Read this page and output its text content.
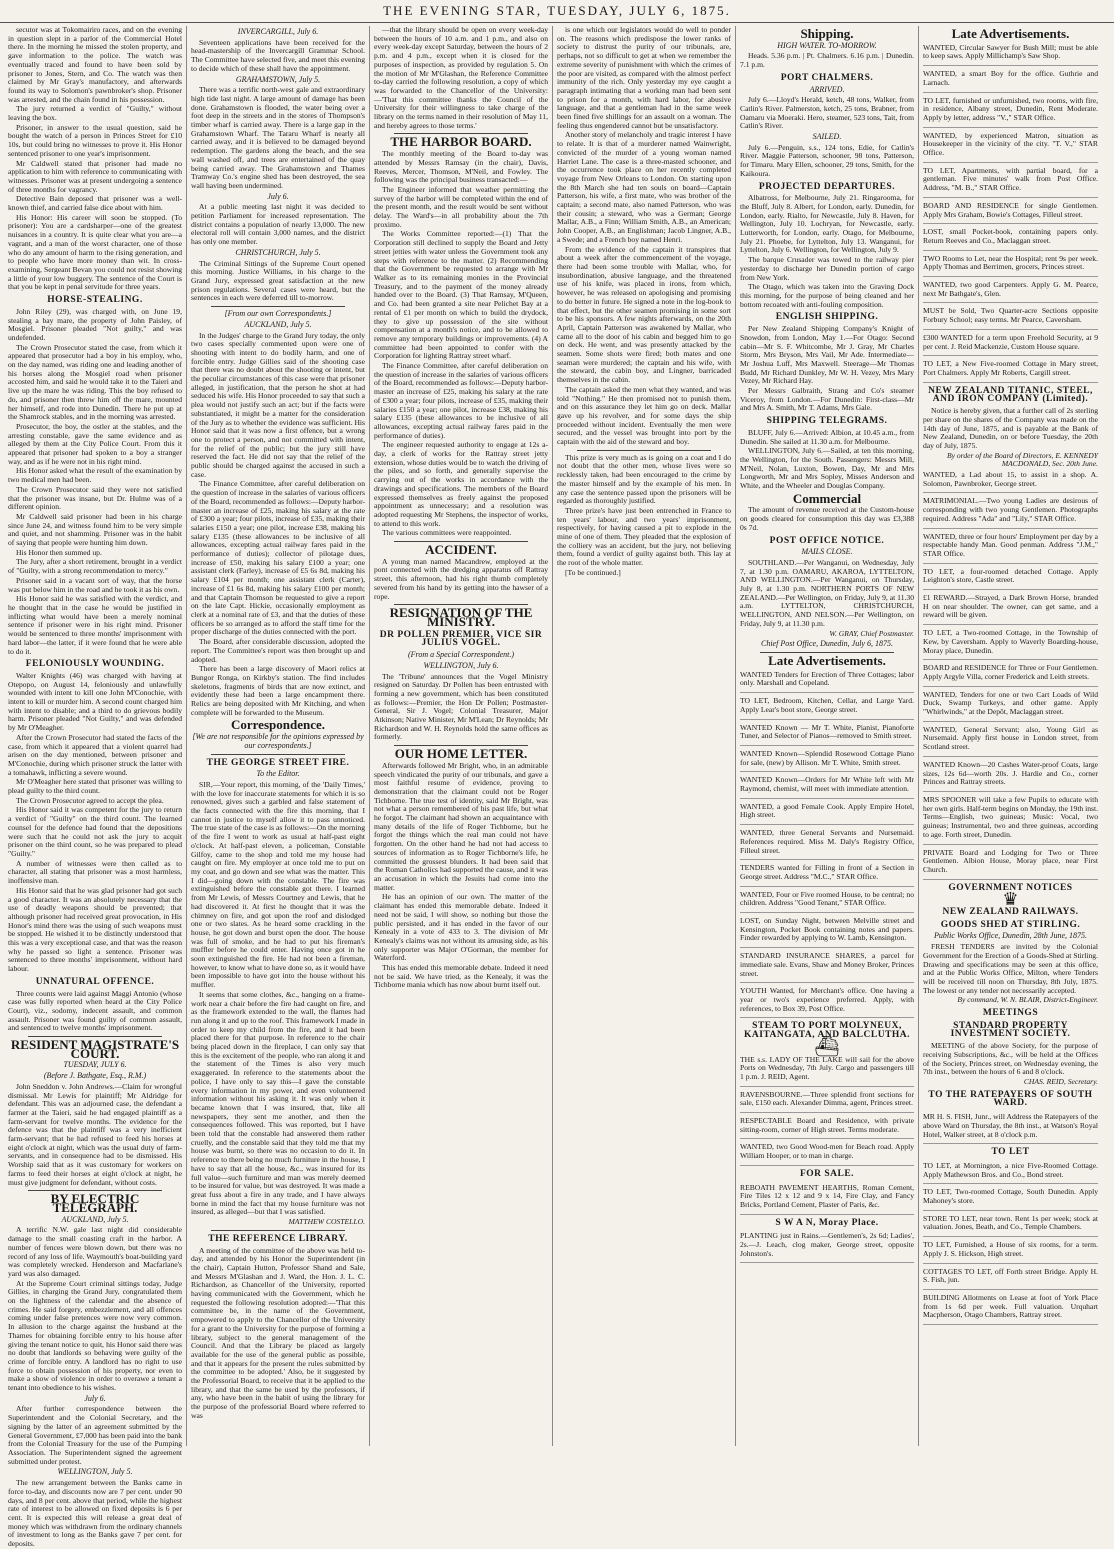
THE EVENING STAR, TUESDAY, JULY 6, 1875.

secutor was at Tokomairiro races, and on the evening in question slept in a parlor of the Commercial Hotel there. In the morning he missed the stolen property, and gave information to the police. The watch was eventually traced and found to have been sold by prisoner to Jones, Stern, and Co. The watch was then claimed by Mr Gray's manufactory, and afterwards found its way to Solomon's pawnbroker's shop. Prisoner was arrested, and the chain found in his possession.

The jury returned a verdict of "Guilty," without leaving the box.

Prisoner, in answer to the usual question, said he bought the watch of a person in Princes Street for £10 10s, but could bring no witnesses to prove it. His Honor sentenced prisoner to one year's imprisonment.

Mr Caldwell stated that prisoner had made no application to him with reference to communicating with witnesses. Prisoner was at present undergoing a sentence of three months for vagrancy.

Detective Bain deposed that prisoner was a well-known thief, and carried false dice about with him.

His Honor: His career will soon be stopped. (To prisoner): You are a cardsharper—one of the greatest nuisances in a country. It is quite clear what you are—a vagrant, and a man of the worst character, one of those who do any amount of harm to the rising generation, and to people who have more money than wit. In cross-examining, Sergeant Bevan you could not resist showing a little of your low buggery. The sentence of the Court is that you be kept in penal servitude for three years.

HORSE-STEALING.

John Riley (29), was charged with, on June 19, stealing a bay mare, the property of John Paisley, of Mosgiel. Prisoner pleaded "Not guilty," and was undefended.

The Crown Prosecutor stated the case, from which it appeared that prosecutor had a boy in his employ, who, on the day named, was riding one and leading another of his horses along the Mosgiel road when prisoner accosted him, and said he would take it to the Taieri and live up the mare he was riding. This the boy refused to do, and prisoner then threw him off the mare, mounted her himself, and rode into Dunedin. There he put up at the Shamrock stables, and in the morning was arrested.

Prosecutor, the boy, the ostler at the stables, and the arresting constable, gave the same evidence and as alleged by them at the City Police Court. From this it appeared that prisoner had spoken to a boy a stranger way, and as if he were not in his right mind.

His Honor asked what the result of the examination by two medical men had been.

The Crown Prosecutor said they were not satisfied that the prisoner was insane, but Dr. Hulme was of a different opinion.

Mr Caldwell said prisoner had been in his charge since June 24, and witness found him to be very simple and quiet, and not shamming. Prisoner was in the habit of saying that people were hunting him down.

His Honor then summed up.

The Jury, after a short retirement, brought in a verdict of "Guilty, with a strong recommendation to mercy."

Prisoner said in a vacant sort of way, that the horse was put below him in the road and he took it as his own.

His Honor said he was satisfied with the verdict, and he thought that in the case he would be justified in inflicting what would have been a merely nominal sentence if prisoner were in his right mind. Prisoner would be sentenced to three months' imprisonment with hard labor—the latter, if it were found that he were able to do it.

FELONIOUSLY WOUNDING.

Walter Knights (46) was charged with having at Otepopo, on August 14, feloniously and unlawfully wounded with intent to kill one John M'Conochie, with intent to kill or murder him. A second count charged him with intent to disable; and a third to do grievous bodily harm. Prisoner pleaded "Not Guilty," and was defended by Mr O'Meagher.

After the Crown Prosecutor had stated the facts of the case, from which it appeared that a violent quarrel had arisen on the day mentioned, between prisoner and M'Conochie, during which prisoner struck the latter with a tomahawk, inflicting a severe wound.

Mr O'Meagher here stated that prisoner was willing to plead guilty to the third count.

The Crown Prosecutor agreed to accept the plea.

His Honor said it was competent for the jury to return a verdict of "Guilty" on the third count. The learned counsel for the defence had found that the depositions were such that he could not ask the jury to acquit prisoner on the third count, so he was prepared to plead "Guilty."

A number of witnesses were then called as to character, all stating that prisoner was a most harmless, inoffensive man.

His Honor said that he was glad prisoner had got such a good character. It was an absolutely necessary that the use of deadly weapons should be prevented; that although prisoner had received great provocation, in His Honor's mind there was the using of such weapons must be stopped. He wished it to be distinctly understood that this was a very exceptional case, and that was the reason why he passed so light a sentence. Prisoner was sentenced to three months' imprisonment, without hard labour.

UNNATURAL OFFENCE.

Three counts were laid against Maggi Antonio (whose case was fully reported when heard at the City Police Court), viz., sodomy, indecent assault, and common assault. Prisoner was found guilty of common assault, and sentenced to twelve months' imprisonment.

RESIDENT MAGISTRATE'S COURT.
TUESDAY, JULY 6.
(Before J. Bathgate, Esq., R.M.)

John Sneddon v. John Andrews.—Claim for wrongful dismissal. Mr Lewis for plaintiff; Mr Aldridge for defendant. This was an adjourned case, the defendant a farmer at the Taieri, said he had engaged plaintiff as a farm-servant for twelve months. The evidence for the defence was that the plaintiff was a very inefficient farm-servant; that he had refused to feed his horses at eight o'clock at night, which was the usual duty of farm-servants, and in consequence had to be dismissed. His Worship said that as it was customary for workers on farms to feed their horses at eight o'clock at night, he must give judgment for defendant, without costs.

BY ELECTRIC TELEGRAPH.
AUCKLAND, July 5.

A terrific N.W. gale last night did considerable damage to the small coasting craft in the harbor. A number of fences were blown down, but there was no record of any loss of life. Waymouth's boat-building yard was completely wrecked. Henderson and Macfarlane's yard was also damaged.

At the Supreme Court criminal sittings today, Judge Gillies, in charging the Grand Jury, congratulated them on the lightness of the calendar and the absence of crimes. He said forgery, embezzlement, and all offences coming under false pretences were now very common. In allusion to the charge against the husband at the Thames for obtaining forcible entry to his house after giving the tenant notice to quit, his Honor said there was no doubt that landlords so behaving were guilty of the crime of forcible entry. A landlord has no right to use force to obtain possession of his property, nor even to make a show of violence in order to overawe a tenant a tenant into obedience to his wishes.

July 6.

After further correspondence between the Superintendent and the Colonial Secretary, and the signing by the latter of an agreement submitted by the General Government, £7,000 has been paid into the bank from the Colonial Treasury for the use of the Pumping Association. The Superintendent signed the agreement submitted under protest.

WELLINGTON, July 5.

The new arrangement between the Banks came in force to-day, and discounts now are 7 per cent. under 90 days, and 8 per cent. above that period, while the highest rate of interest to be allowed on fixed deposits is 6 per cent. It is expected this will release a great deal of money which was withdrawn from the ordinary channels of investment to long as the Banks gave 7 per cent. for deposits.

INVERCARGILL, July 6.

Seventeen applications have been received for the head-mastership of the Invercargill Grammar School. The Committee have selected five, and meet this evening to decide which of these shall have the appointment.

GRAHAMSTOWN, July 5.

There was a terrific north-west gale and extraordinary high tide last night. A large amount of damage has been done. Grahamstown is flooded, the water being over a foot deep in the streets and in the stores of Thompson's timber wharf is carried away. There is a large gap in the Grahamstown Wharf. The Tararu Wharf is nearly all carried away, and it is believed to be damaged beyond redemption. The gardens along the beach, and the sea wall washed off, and trees are entertained of the quay being carried away. The Grahamstown and Thames Tramway Co.'s engine shed has been destroyed, the sea wall having been undermined.

July 6.

At a public meeting last night it was decided to petition Parliament for increased representation. The district contains a population of nearly 13,000. The new electoral roll will contain 3,000 names, and the district has only one member.

CHRISTCHURCH, July 5.

The Criminal Sittings of the Supreme Court opened this morning. Justice Williams, in his charge to the Grand Jury, expressed great satisfaction at the new prison regulations. Several cases were heard, but the sentences in each were deferred till to-morrow.

[From our own Correspondents.]
AUCKLAND, July 5.

In the Judges' charge to the Grand Jury today, the only two cases specially commented upon were one of shooting with intent to do bodily harm, and one of forcible entry. Judge Gillies said of the shooting case that there was no doubt about the shooting or intent, but the peculiar circumstances of this case were that prisoner alleged, in justification, that the person he shot at had seduced his wife. His Honor proceeded to say that such a plea would not justify such an act; but if the facts were substantiated, it might be a matter for the consideration of the Jury as to whether the evidence was sufficient. His Honor said that it was now a first offence, but a wrong one to protect a person, and not committed with intent, for the relief of the public; but the jury still have reserved the fact. He did not say that the relief of the public should be charged against the accused in such a case.

The Finance Committee, after careful deliberation on the question of increase in the salaries of various officers of the Board, recommended as follows:—Deputy harbor-master an increase of £25, making his salary at the rate of £300 a year; four pilots, increase of £35, making their salaries £150 a year; one pilot, increase £38, making his salary £135 (these allowances to be inclusive of all allowances, excepting actual railway fares paid in the performance of duties); collector of pilotage dues, increase of £50, making his salary £100 a year; one assistant clerk (Farley), increase of £5 6s 8d, making his salary £104 per month; one assistant clerk (Carter), increase of £1 6s 8d, making his salary £100 per month; and that Captain Thomson be requested to give a report on the late Capt. Hickie, occasionally employment as clerk at a nominal rate of £3, and that the duties of these officers be so arranged as to afford the staff time for the proper discharge of the duties connected with the port.

The Board, after considerable discussion, adopted the report. The Committee's report was then brought up and adopted.

There has been a large discovery of Maori relics at Bungor Ronga, on Kirkby's station. The find includes skeletons, fragments of birds that are now extinct, and evidently these had been a large encampment there. Relics are being deposited with Mr Kitching, and when complete will be forwarded to the Museum.

Correspondence.
[We are not responsible for the opinions expressed by our correspondents.]
THE GEORGE STREET FIRE.
To the Editor.

SIR,—Your report, this morning, of the 'Daily Times,' with the love for inaccurate statements for which it is so renowned, gives such a garbled and false statement of the facts connected with the fire this morning, that I cannot in justice to myself allow it to pass unnoticed. The true state of the case is as follows:—On the morning of the fire I went to work as usual at half-past eight o'clock. At half-past eleven, a policeman, Constable Gilfoy, came to the shop and told me my house had caught on fire. My employer at once told me to put on my coat, and go down and see what was the matter. This I did—going down with the constable. The fire was extinguished before the constable got there. I learned from Mr Lewis, of Messrs Courtney and Lewis, that he had discovered it. At first he thought that it was the chimney on fire, and got upon the roof and dislodged one or two slates. As he heard some crackling in the house, he got down and burst open the door. The house was full of smoke, and he had to put his fireman's muffler before he could enter. Having once got in he soon extinguished the fire. He had not been a fireman, however, to know what to have done so, as it would have been impossible to have got into the house without his muffler.

It seems that some clothes, &c., hanging on a frame-work near a chair before the fire had caught on fire, and as the framework extended to the wall, the flames had run along it and up to the roof. This framework I made in order to keep my child from the fire, and it had been placed there for that purpose. In reference to the chair being placed down in the fireplace, I can only say that this is the excitement of the people, who ran along it and the statement of the Times is also very much exaggerated. In reference to the statements about the police, I have only to say this—I gave the constable every information in my power, and even volunteered information without his asking it. It was only when it became known that I was insured, that, like all newspapers, they sent me another, and then the consequences followed. This was reported, but I have been told that the constable had answered them rather cruelly, and the constable said that they told me that my house was burnt, so there was no occasion to do it. In reference to there being no much furniture in the house, I have to say that all the house, &c., was insured for its full value—such furniture and man was merely deemed to be insured for value, but was destroyed. It was made a great fuss about a fire in any trade, and I have always borne in mind the fact that my house furniture was not insured, as alleged—but that I was satisfied.

MATTHEW COSTELLO.
THE REFERENCE LIBRARY.

A meeting of the committee of the above was held to-day, and attended by his Honor the Superintendent (in the chair), Captain Hutton, Professor Shand and Sale, and Messrs M'Glashan and J. Ward, the Hon. J. L. C. Richardson, as Chancellor of the University, reported having communicated with the Government, which he requested the following resolution adopted:—'That this committee be, in the name of the Government, empowered to apply to the Chancellor of the University for a grant to the University for the purpose of forming a library, subject to the general management of the Council. And that the Library be placed as largely available for the use of the general public as possible, and that it appears for the present the rules submitted by the committee to be adopted.' Also, be it suggested by the Professorial Board, to receive that it be applied to the library, and that the same be used by the professors, if any, who have been in the habit of using the library for the purpose of the professorial Board where referred to was

—that the library should be open on every week-day between the hours of 10 a.m. and 1 p.m., and also on every week-day except Saturday, between the hours of 2 p.m. and 4 p.m., except when it is closed for the purposes of inspection, as provided by regulation 5. On the motion of Mr M'Glashan, the Reference Committee to-day carried the following resolution, a copy of which was forwarded to the Chancellor of the University:—'That this committee thanks the Council of the University for their willingness to take charge of the library on the terms named in their resolution of May 11, and hereby agrees to those terms.'

THE HARBOR BOARD.

The monthly meeting of the Board to-day was attended by Messrs Ramsay (in the chair), Davis, Reeves, Mercer, Thomson, M'Neil, and Fowley. The following was the principal business transacted:—

The Engineer informed that weather permitting the survey of the harbor will be completed within the end of the present month, and the result would be sent without delay. The Ward's—in all probability about the 7th proximo.

The Works Committee reported:—(1) That the Corporation still declined to supply the Board and Jetty street jetties with water unless the Government took any steps with reference to the matter. (2) Recommending that the Government be requested to arrange with Mr Walker as to its remaining monies in the Provincial Treasury, and to the payment of the money already handed over to the Board. (3) That Ramsay, M'Queen, and Co. had been granted a site near Pelichet Bay at a rental of £1 per month on which to build the drydock, they to give up possession of the site without compensation at a month's notice, and to be allowed to remove any temporary buildings or improvements. (4) A committee had been appointed to confer with the Corporation for lighting Rattray street wharf.

The Finance Committee, after careful deliberation on the question of increase in the salaries of various officers of the Board, recommended as follows:—Deputy harbor-master an increase of £25, making his salary at the rate of £300 a year; four pilots, increase of £35, making their salaries £150 a year; one pilot, increase £38, making his salary £135 (these allowances to be inclusive of all allowances, excepting actual railway fares paid in the performance of duties).

The engineer requested authority to engage at 12s a-day, a clerk of works for the Rattray street jetty extension, whose duties would be to watch the driving of the piles, and so forth, and generally supervise the carrying out of the works in accordance with the drawings and specifications. The members of the Board expressed themselves as freely against the proposed appointment as unnecessary; and a resolution was adopted requesting Mr Stephens, the inspector of works, to attend to this work.

The various committees were reappointed.

ACCIDENT.

A young man named Macandrew, employed at the pont connected with the dredging apparatus off Rattray street, this afternoon, had his right thumb completely severed from his hand by its getting into the hawser of a rope.

RESIGNATION OF THE MINISTRY.
DR POLLEN PREMIER, VICE SIR JULIUS VOGEL.
(From a Special Correspondent.)
WELLINGTON, July 6.

The 'Tribune' announces that the Vogel Ministry resigned on Saturday. Dr Pollen has been entrusted with forming a new government, which has been constituted as follows:—Premier, the Hon Dr Pollen; Postmaster-General, Sir J. Vogel; Colonial Treasurer, Major Atkinson; Native Minister, Mr M'Lean; Dr Reynolds; Mr Richardson and W. H. Reynolds hold the same offices as formerly.

OUR HOME LETTER.

Afterwards followed Mr Bright, who, in an admirable speech vindicated the purity of our tribunals, and gave a most faithful resume of evidence, proving to demonstration that the claimant could not be Roger Tichborne. The true test of identity, said Mr Bright, was not what a person remembered of his past life, but what he forgot. The claimant had shown an acquaintance with many details of the life of Roger Tichborne, but he forgot the things which the real man could not have forgotten. On the other hand he had not had access to sources of information as to Roger Tichborne's life, he committed the grossest blunders. It had been said that the Roman Catholics had supported the cause, and it was an accusation in which the Jesuits had come into the matter.

He has an opinion of our own. The matter of the claimant has ended this memorable debate. Indeed it need not be said, I will show, so nothing but those the public persisted, and it has ended in the favor of our Kenealy in a vote of 433 to 3. The division of Mr Kenealy's claims was not without its amusing side, as his only supporter was Major O'Gorman, the member for Waterford.

This has ended this memorable debate. Indeed it need not be said. We have tried, as the Kenealy, it was the Tichborne mania which has now about burnt itself out.

is one which our legislators would do well to ponder on. The reasons which predispose the lower ranks of society to distrust the purity of our tribunals, are, perhaps, not so difficult to get at when we remember the extreme severity of punishment with which the crimes of the poor are visited, as compared with the almost perfect immunity of the rich. Only yesterday my eye caught a paragraph intimating that a working man had been sent to prison for a month, with hard labor, for abusive language, and that a gentleman had in the same week been fined five shillings for an assault on a woman. The feeling thus engendered cannot but be unsatisfactory.

Another story of melancholy and tragic interest I have to relate. It is that of a murderer named Wainwright, convicted of the murder of a young woman named Harriet Lane. The case is a three-masted schooner, and the occurrence took place on her recently completed voyage from New Orleans to London. On starting upon the 8th March she had ten souls on board—Captain Patterson, his wife, a first mate, who was brother of the captain; a second mate, also named Patterson, who was their cousin; a steward, who was a German; George Mallar, A.B., a Finn; William Smith, A.B., an American; John Cooper, A.B., an Englishman; Jacob Lingner, A.B., a Swede; and a French boy named Henri.

From the evidence of the captain it transpires that about a week after the commencement of the voyage, there had been some trouble with Mallar, who, for insubordination, abusive language, and the threatened use of his knife, was placed in irons, from which, however, he was released on apologising and promising to do better in future. He signed a note in the log-book to that effect, but the other seamen promising in some sort to be his sponsors. A few nights afterwards, on the 20th April, Captain Patterson was awakened by Mallar, who came all to the door of his cabin and begged him to go on deck. He went, and was presently attacked by the seamen. Some shots were fired; both mates and one seaman were murdered; the captain and his wife, with the steward, the cabin boy, and Lingner, barricaded themselves in the cabin.

The captain asked the men what they wanted, and was told "Nothing." He then promised not to punish them, and on this assurance they let him go on deck. Mallar gave up his revolver, and for some days the ship proceeded without incident. Eventually the men were secured, and the vessel was brought into port by the captain with the aid of the steward and boy.

This prize is very much as is going on a coat and I do not doubt that the other men, whose lives were so recklessly taken, had been encouraged to the crime by the master himself and by the example of his men. In any case the sentence passed upon the prisoners will be regarded as thoroughly justified.

Three prize's have just been entrenched in France to ten years' labour, and two years' imprisonment, respectively, for having caused a pit to explode in the mine of one of them. They pleaded that the explosion of the colliery was an accident, but the jury, not believing them, found a verdict of guilty against both. This lay at the root of the whole matter.

[To be continued.]

Shipping.
HIGH WATER. TO-MORROW.

Heads. 5.36 p.m. | Pt. Chalmers. 6.16 p.m. | Dunedin. 7.1 p.m.

PORT CHALMERS.
ARRIVED.

July 6.—Lloyd's Herald, ketch, 48 tons, Walker, from Catlin's River. Palmerston, ketch, 25 tons, Brabner, from Oamaru via Moeraki. Hero, steamer, 523 tons, Tait, from Catlin's River.

SAILED.

July 6.—Penguin, s.s., 124 tons, Edie, for Catlin's River. Maggie Patterson, schooner, 98 tons, Patterson, for Timaru. Mary Ellen, schooner, 29 tons, Smith, for the Kaikoura.

PROJECTED DEPARTURES.

Albatross, for Melbourne, July 21. Ringarooma, for the Bluff, July 8. Albert, for London, early. Dunedin, for London, early. Rialto, for Newcastle, July 8. Haven, for Wellington, July 10. Lochryan, for Newcastle, early. Lutterworth, for London, early. Otago, for Melbourne, July 21. Phoebe, for Lyttelton, July 13. Wanganui, for Lyttelton, July 6. Wellington, for Wellington, July 9.

The barque Crusader was towed to the railway pier yesterday to discharge her Dunedin portion of cargo from New York.

The Otago, which was taken into the Graving Dock this morning, for the purpose of being cleaned and her bottom recoated with anti-fouling composition.

ENGLISH SHIPPING.

Per New Zealand Shipping Company's Knight of Snowdon, from London, May 1.—For Otago: Second cabin—Mr S. F. Whitcombe, Mr J. Gray, Mr Charles Storm, Mrs Bryson, Mrs Vail, Mr Ade. Intermediate—Mr Joshua Luff, Mrs Maxwell. Steerage—Mr Thomas Budd, Mr Richard Dunkley, Mr W. H. Vezey, Mrs Mary Vezey, Mr Richard Hay.

Per Messrs Galbraith, Strang and Co's steamer Viceroy, from London.—For Dunedin: First-class—Mr and Mrs A. Smith, Mr T. Adams, Mrs Gale.

SHIPPING TELEGRAMS.

BLUFF, July 6.—Arrived: Albion, at 10.45 a.m., from Dunedin. She sailed at 11.30 a.m. for Melbourne.

WELLINGTON, July 6.—Sailed, at ten this morning, the Wellington, for the South. Passengers: Messrs Mill, M'Neil, Nolan, Luxton, Bowen, Day, Mr and Mrs Longworth, Mr and Mrs Sopley, Misses Anderson and White, and the Wheeler and Douglas Company.

Commercial

The amount of revenue received at the Custom-house on goods cleared for consumption this day was £3,388 0s 7d.

POST OFFICE NOTICE.
MAILS CLOSE.

SOUTHLAND.—Per Wanganui, on Wednesday, July 7, at 1.30 p.m. OAMARU, AKAROA, LYTTELTON, AND WELLINGTON.—Per Wanganui, on Thursday, July 8, at 1.30 p.m. NORTHERN PORTS OF NEW ZEALAND.—Per Wellington, on Friday, July 9, at 11.30 a.m. LYTTELTON, CHRISTCHURCH, WELLINGTON, AND NELSON.—Per Wellington, on Friday, July 9, at 11.30 p.m.

W. GRAY, Chief Postmaster.
Chief Post Office, Dunedin, July 6, 1875.
Late Advertisements.

WANTED Tenders for Erection of Three Cottages; labor only. Marshall and Copeland.

TO LET, Bedroom, Kitchen, Cellar, and Large Yard. Apply Lear's boot store, George street.

WANTED Known — Mr T. White, Pianist, Pianoforte Tuner, and Selector of Pianos—removed to Smith street.

WANTED Known—Splendid Rosewood Cottage Piano for sale, (new) by Allison. Mr T. White, Smith street.

WANTED Known—Orders for Mr White left with Mr Raymond, chemist, will meet with immediate attention.

WANTED, a good Female Cook. Apply Empire Hotel, High street.

WANTED, three General Servants and Nursemaid. References required. Miss M. Daly's Registry Office, Filleul street.

TENDERS wanted for Filling in front of a Section in George street. Address "M.C.," STAR Office.

WANTED, Four or Five roomed House, to be central; no children. Address "Good Tenant," STAR Office.

LOST, on Sunday Night, between Melville street and Kensington, Pocket Book containing notes and papers. Finder rewarded by applying to W. Lamb, Kensington.

STANDARD INSURANCE SHARES, a parcel for immediate sale. Evans, Shaw and Money Broker, Princes street.

YOUTH Wanted, for Merchant's office. One having a year or two's experience preferred. Apply, with references, to Box 39, Post Office.

STEAM TO PORT MOLYNEUX, KAITANGATA, AND BALCLUTHA.
⛴

THE s.s. LADY OF THE LAKE will sail for the above Ports on Wednesday, 7th July. Cargo and passengers till 1 p.m. J. REID, Agent.

RAVENSBOURNE.—Three splendid front sections for sale, £150 each. Alexander Dimma, agent, Princes street.

RESPECTABLE Board and Residence, with private sitting-room, corner of High street. Terms moderate.

WANTED, two Good Wood-men for Beach road. Apply William Hooper, or to man in charge.

FOR SALE.

REBOATH PAVEMENT HEARTHS, Roman Cement, Fire Tiles 12 x 12 and 9 x 14, Fire Clay, and Fancy Bricks, Portland Cement, Plaster of Paris, &c.

S W A N, Moray Place.

PLANTING just in Rains.—Gentlemen's, 2s 6d; Ladies', 2s.—J. Leach, clog maker, George street, opposite Johnston's.

Late Advertisements.

WANTED, Circular Sawyer for Bush Mill; must be able to keep saws. Apply Millichamp's Saw Shop.

WANTED, a smart Boy for the office. Guthrie and Larnach.

TO LET, furnished or unfurnished, two rooms, with fire, in residence, Albany street, Dunedin, Rent Moderate. Apply by letter, address "V.," STAR Office.

WANTED, by experienced Matron, situation as Housekeeper in the vicinity of the city. "T. V.," STAR Office.

TO LET, Apartments, with partial board, for a gentleman. Five minutes' walk from Post Office. Address, "M. B.," STAR Office.

BOARD AND RESIDENCE for single Gentlemen. Apply Mrs Graham, Bowie's Cottages, Filleul street.

LOST, small Pocket-book, containing papers only. Return Reeves and Co., Maclaggan street.

TWO Rooms to Let, near the Hospital; rent 9s per week. Apply Thomas and Berrimen, grocers, Princes street.

WANTED, two good Carpenters. Apply G. M. Pearce, next Mr Bathgate's, Glen.

MUST be Sold, Two Quarter-acre Sections opposite Forbury School; easy terms. Mr Pearce, Caversham.

£300 WANTED for a term upon Freehold Security, at 9 per cent. J. Reid Mackenzie, Custom House square.

TO LET, a New Five-roomed Cottage in Mary street, Port Chalmers. Apply Mr Roberts, Cargill street.

NEW ZEALAND TITANIC, STEEL, AND IRON COMPANY (Limited).

Notice is hereby given, that a further call of 2s sterling per share on the shares of the Company was made on the 14th day of June, 1875, and is payable at the Bank of New Zealand, Dunedin, on or before Tuesday, the 20th day of July, 1875.

By order of the Board of Directors, E. KENNEDY MACDONALD, Sec. 20th June.

WANTED, a Lad about 15, to assist in a shop. A. Solomon, Pawnbroker, George street.

MATRIMONIAL.—Two young Ladies are desirous of corresponding with two young Gentlemen. Photographs required. Address "Ada" and "Lily," STAR Office.

WANTED, three or four hours' Employment per day by a respectable handy Man. Good penman. Address "J.M.," STAR Office.

TO LET, a four-roomed detached Cottage. Apply Leighton's store, Castle street.

£1 REWARD.—Strayed, a Dark Brown Horse, branded H on near shoulder. The owner, can get same, and a reward will be given.

TO LET, a Two-roomed Cottage, in the Township of Kew, by Caversham. Apply to Waverly Boarding-house, Moray place, Dunedin.

BOARD and RESIDENCE for Three or Four Gentlemen. Apply Argyle Villa, corner Frederick and Leith streets.

WANTED, Tenders for one or two Cart Loads of Wild Duck, Swamp Turkeys, and other game. Apply "Whirlwinds," at the Depôt, Maclaggan street.

WANTED, General Servant; also, Young Girl as Nursemaid. Apply first house in London street, from Scotland street.

WANTED Known—20 Cashes Water-proof Coats, large sizes, 12s 6d—worth 20s. J. Hardie and Co., corner Princes and Rattray streets.

MRS SPOONER will take a few Pupils to educate with her own girls. Half-term begins on Monday, the 19th inst. Terms—English, two guineas; Music: Vocal, two guineas; Instrumental, two and three guineas, according to age. Forth street, Dunedin.

PRIVATE Board and Lodging for Two or Three Gentlemen. Albion House, Moray place, near First Church.

GOVERNMENT NOTICES
♛
NEW ZEALAND RAILWAYS.
GOODS SHED AT STIRLING.
Public Works Office, Dunedin, 28th June, 1875.

FRESH TENDERS are invited by the Colonial Government for the Erection of a Goods-Shed at Stirling. Drawing and specifications may be seen at this office, and at the Public Works Office, Milton, where Tenders will be received till noon on Thursday, 8th July, 1875. The lowest or any tender not necessarily accepted.

By command, W. N. BLAIR, District-Engineer.
MEETINGS
STANDARD PROPERTY INVESTMENT SOCIETY.

MEETING of the above Society, for the purpose of receiving Subscriptions, &c., will be held at the Offices of the Society, Princes street, on Wednesday evening, the 7th inst., between the hours of 6 and 8 o'clock.

CHAS. REID, Secretary.
TO THE RATEPAYERS OF SOUTH WARD.

MR H. S. FISH, Junr., will Address the Ratepayers of the above Ward on Thursday, the 8th inst., at Watson's Royal Hotel, Walker street, at 8 o'clock p.m.

TO LET

TO LET, at Mornington, a nice Five-Roomed Cottage. Apply Mathewson Bros. and Co., Bond street.

TO LET, Two-roomed Cottage, South Dunedin. Apply Mahoney's store.

STORE TO LET, near town. Rent 1s per week; stock at valuation. Jones, Beath, and Co., Temple Chambers.

TO LET, Furnished, a House of six rooms, for a term. Apply J. S. Hickson, High street.

COTTAGES TO LET, off Forth street Bridge. Apply H. S. Fish, jun.

BUILDING Allotments on Lease at foot of York Place from 1s 6d per week. Full valuation. Urquhart Macpherson, Otago Chambers, Rattray street.
